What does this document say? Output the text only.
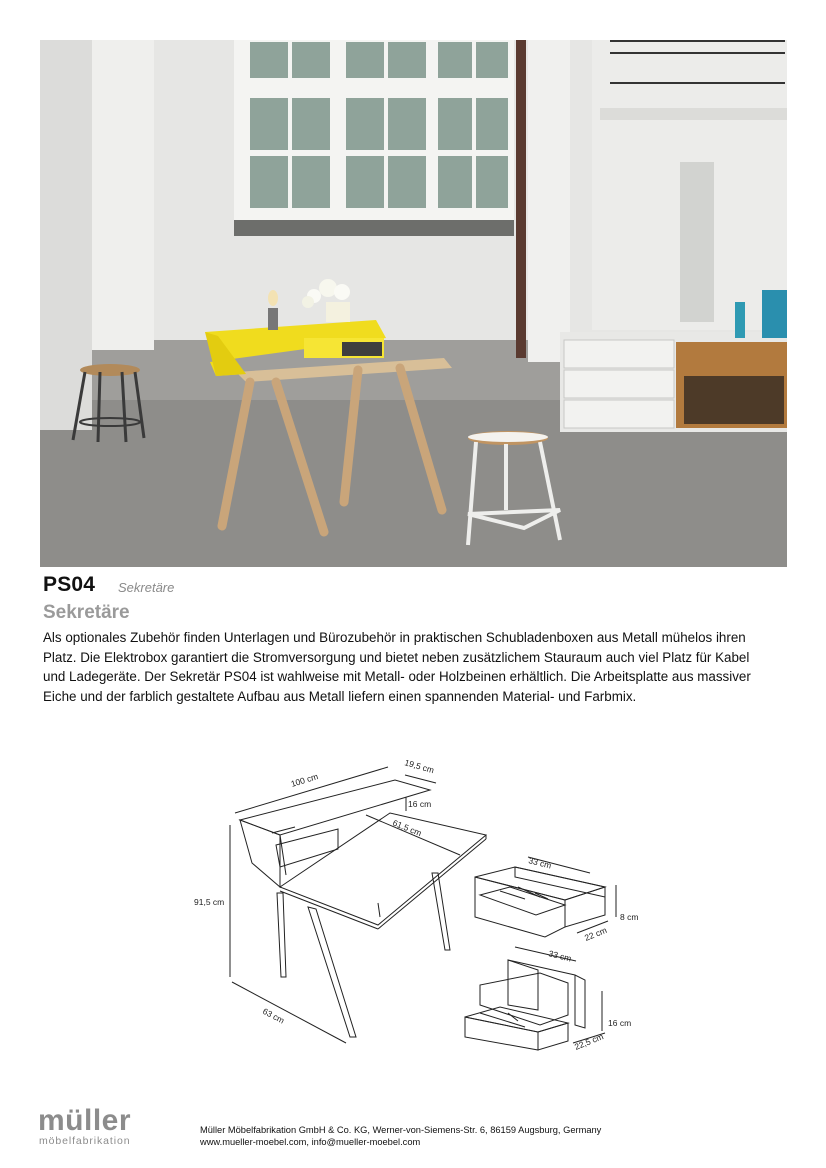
PS04 Sekretäre
Sekretäre
Als optionales Zubehör finden Unterlagen und Bürozubehör in praktischen Schubladenboxen aus Metall mühelos ihren Platz. Die Elektrobox garantiert die Stromversorgung und bietet neben zusätzlichem Stauraum auch viel Platz für Kabel und Ladegeräte. Der Sekretär PS04 ist wahlweise mit Metall- oder Holzbeinen erhältlich. Die Arbeitsplatte aus massiver Eiche und der farblich gestaltete Aufbau aus Metall liefern einen spannenden Material- und Farbmix.
100 cm
19,5 cm
16 cm
61,5 cm
91,5 cm
63 cm
33 cm
8 cm
22 cm
33 cm
16 cm
22,5 cm
müller
möbelfabrikation
Müller Möbelfabrikation GmbH & Co. KG, Werner-von-Siemens-Str. 6, 86159 Augsburg, Germany
www.mueller-moebel.com, info@mueller-moebel.com
